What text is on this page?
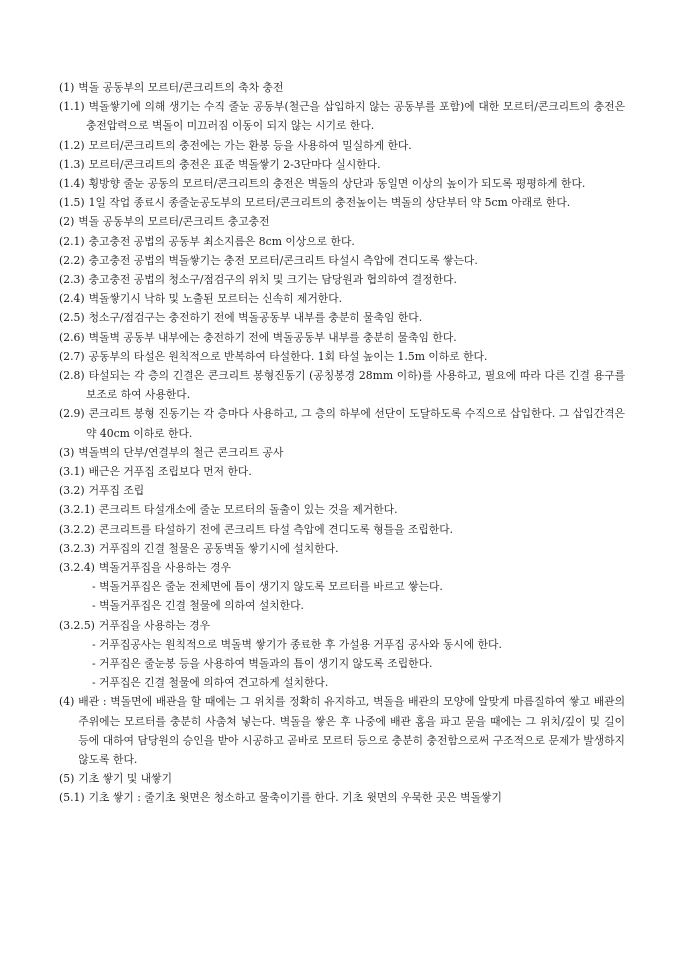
(1) 벽돌 공동부의 모르터/콘크리트의 축차 충전
(1.1) 벽돌쌓기에 의해 생기는 수직 줄눈 공동부(철근을 삽입하지 않는 공동부를 포함)에 대한 모르터/콘크리트의 충전은 충전압력으로 벽돌이 미끄러짐 이동이 되지 않는 시기로 한다.
(1.2) 모르터/콘크리트의 충전에는 가는 환봉 등을 사용하여 밀실하게 한다.
(1.3) 모르터/콘크리트의 충전은 표준 벽돌쌓기 2-3단마다 실시한다.
(1.4) 횡방향 줄눈 공동의 모르터/콘크리트의 충전은 벽돌의 상단과 동일면 이상의 높이가 되도록 평평하게 한다.
(1.5) 1일 작업 종료시 종줄눈공도부의 모르터/콘크리트의 충전높이는 벽돌의 상단부터 약 5cm 아래로 한다.
(2) 벽돌 공동부의 모르터/콘크리트 충고충전
(2.1) 충고충전 공법의 공동부 최소지름은 8cm 이상으로 한다.
(2.2) 충고충전 공법의 벽돌쌓기는 충전 모르터/콘크리트 타설시 측압에 견디도록 쌓는다.
(2.3) 충고충전 공법의 청소구/점검구의 위치 및 크기는 담당원과 협의하여 결정한다.
(2.4) 벽돌쌓기시 낙하 및 노출된 모르터는 신속히 제거한다.
(2.5) 청소구/점검구는 충전하기 전에 벽돌공동부 내부를 충분히 물축임 한다.
(2.6) 벽돌벽 공동부 내부에는 충전하기 전에 벽돌공동부 내부를 충분히 물축임 한다.
(2.7) 공동부의 타설은 원칙적으로 반복하여 타설한다. 1회 타설 높이는 1.5m 이하로 한다.
(2.8) 타설되는 각 층의 긴결은 콘크리트 봉형진동기 (공칭봉경 28mm 이하)를 사용하고, 필요에 따라 다른 긴결 용구를 보조로 하여 사용한다.
(2.9) 콘크리트 봉형 진동기는 각 층마다 사용하고, 그 층의 하부에 선단이 도달하도록 수직으로 삽입한다. 그 삽입간격은 약 40cm 이하로 한다.
(3) 벽돌벽의 단부/연결부의 철근 콘크리트 공사
(3.1) 배근은 거푸집 조립보다 먼저 한다.
(3.2) 거푸집 조립
(3.2.1) 콘크리트 타설개소에 줄눈 모르터의 돌출이 있는 것을 제거한다.
(3.2.2) 콘크리트를 타설하기 전에 콘크리트 타설 측압에 견디도록 형틀을 조립한다.
(3.2.3) 거푸집의 긴결 철물은 공동벽돌 쌓기시에 설치한다.
(3.2.4) 벽돌거푸집을 사용하는 경우
- 벽돌거푸집은 줄눈 전체면에 틈이 생기지 않도록 모르터를 바르고 쌓는다.
- 벽돌거푸집은 긴결 철물에 의하여 설치한다.
(3.2.5) 거푸집을 사용하는 경우
- 거푸집공사는 원칙적으로 벽돌벽 쌓기가 종료한 후 가설용 거푸집 공사와 동시에 한다.
- 거푸집은 줄눈봉 등을 사용하여 벽돌과의 틈이 생기지 않도록 조립한다.
- 거푸집은 긴결 철물에 의하여 견고하게 설치한다.
(4) 배관 : 벽돌면에 배관을 할 때에는 그 위치를 정확히 유지하고, 벽돌을 배관의 모양에 알맞게 마름질하여 쌓고 배관의 주위에는 모르터를 충분히 사춤쳐 넣는다. 벽돌을 쌓은 후 나중에 배관 홈을 파고 묻을 때에는 그 위치/깊이 및 길이 등에 대하여 담당원의 승인을 받아 시공하고 곧바로 모르터 등으로 충분히 충전함으로써 구조적으로 문제가 발생하지 않도록 한다.
(5) 기초 쌓기 및 내쌓기
(5.1) 기초 쌓기 : 줄기초 윗면은 청소하고 물축이기를 한다. 기초 윗면의 우묵한 곳은 벽돌쌓기
